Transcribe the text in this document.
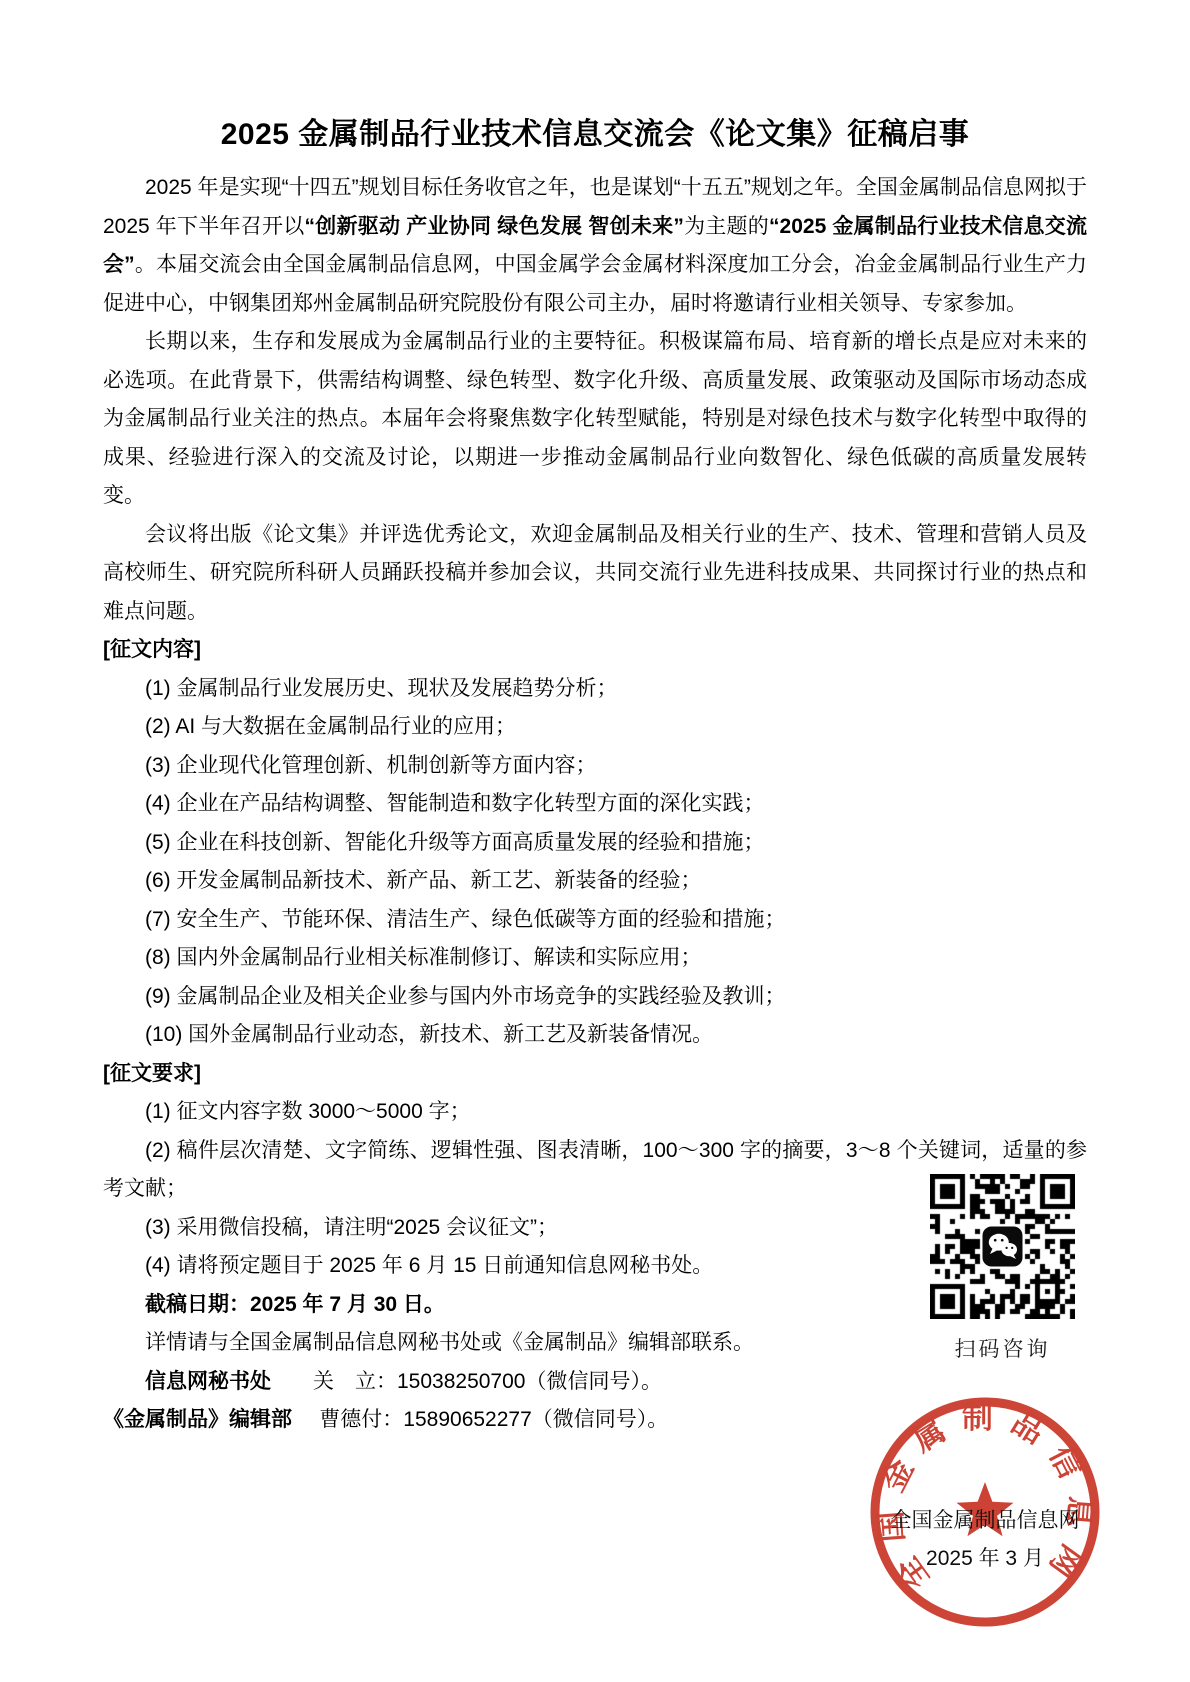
2025 金属制品行业技术信息交流会《论文集》征稿启事

2025 年是实现“十四五”规划目标任务收官之年，也是谋划“十五五”规划之年。全国金属制品信息网拟于 2025 年下半年召开以“创新驱动 产业协同 绿色发展 智创未来”为主题的“2025 金属制品行业技术信息交流会”。本届交流会由全国金属制品信息网，中国金属学会金属材料深度加工分会，冶金金属制品行业生产力促进中心，中钢集团郑州金属制品研究院股份有限公司主办，届时将邀请行业相关领导、专家参加。

长期以来，生存和发展成为金属制品行业的主要特征。积极谋篇布局、培育新的增长点是应对未来的必选项。在此背景下，供需结构调整、绿色转型、数字化升级、高质量发展、政策驱动及国际市场动态成为金属制品行业关注的热点。本届年会将聚焦数字化转型赋能，特别是对绿色技术与数字化转型中取得的成果、经验进行深入的交流及讨论，以期进一步推动金属制品行业向数智化、绿色低碳的高质量发展转变。

会议将出版《论文集》并评选优秀论文，欢迎金属制品及相关行业的生产、技术、管理和营销人员及高校师生、研究院所科研人员踊跃投稿并参加会议，共同交流行业先进科技成果、共同探讨行业的热点和难点问题。

[征文内容]

(1) 金属制品行业发展历史、现状及发展趋势分析；

(2) AI 与大数据在金属制品行业的应用；

(3) 企业现代化管理创新、机制创新等方面内容；

(4) 企业在产品结构调整、智能制造和数字化转型方面的深化实践；

(5) 企业在科技创新、智能化升级等方面高质量发展的经验和措施；

(6) 开发金属制品新技术、新产品、新工艺、新装备的经验；

(7) 安全生产、节能环保、清洁生产、绿色低碳等方面的经验和措施；

(8) 国内外金属制品行业相关标准制修订、解读和实际应用；

(9) 金属制品企业及相关企业参与国内外市场竞争的实践经验及教训；

(10) 国外金属制品行业动态，新技术、新工艺及新装备情况。

[征文要求]

(1) 征文内容字数 3000～5000 字；

(2) 稿件层次清楚、文字简练、逻辑性强、图表清晰，100～300 字的摘要，3～8 个关键词，适量的参考文献；

(3) 采用微信投稿，请注明“2025 会议征文”；

(4) 请将预定题目于 2025 年 6 月 15 日前通知信息网秘书处。

截稿日期：2025 年 7 月 30 日。

详情请与全国金属制品信息网秘书处或《金属制品》编辑部联系。

信息网秘书处 关　立：15038250700（微信同号）。

《金属制品》编辑部 曹德付：15890652277（微信同号）。

扫码咨询
全国金属制品信息网
全国金属制品信息网
2025 年 3 月
